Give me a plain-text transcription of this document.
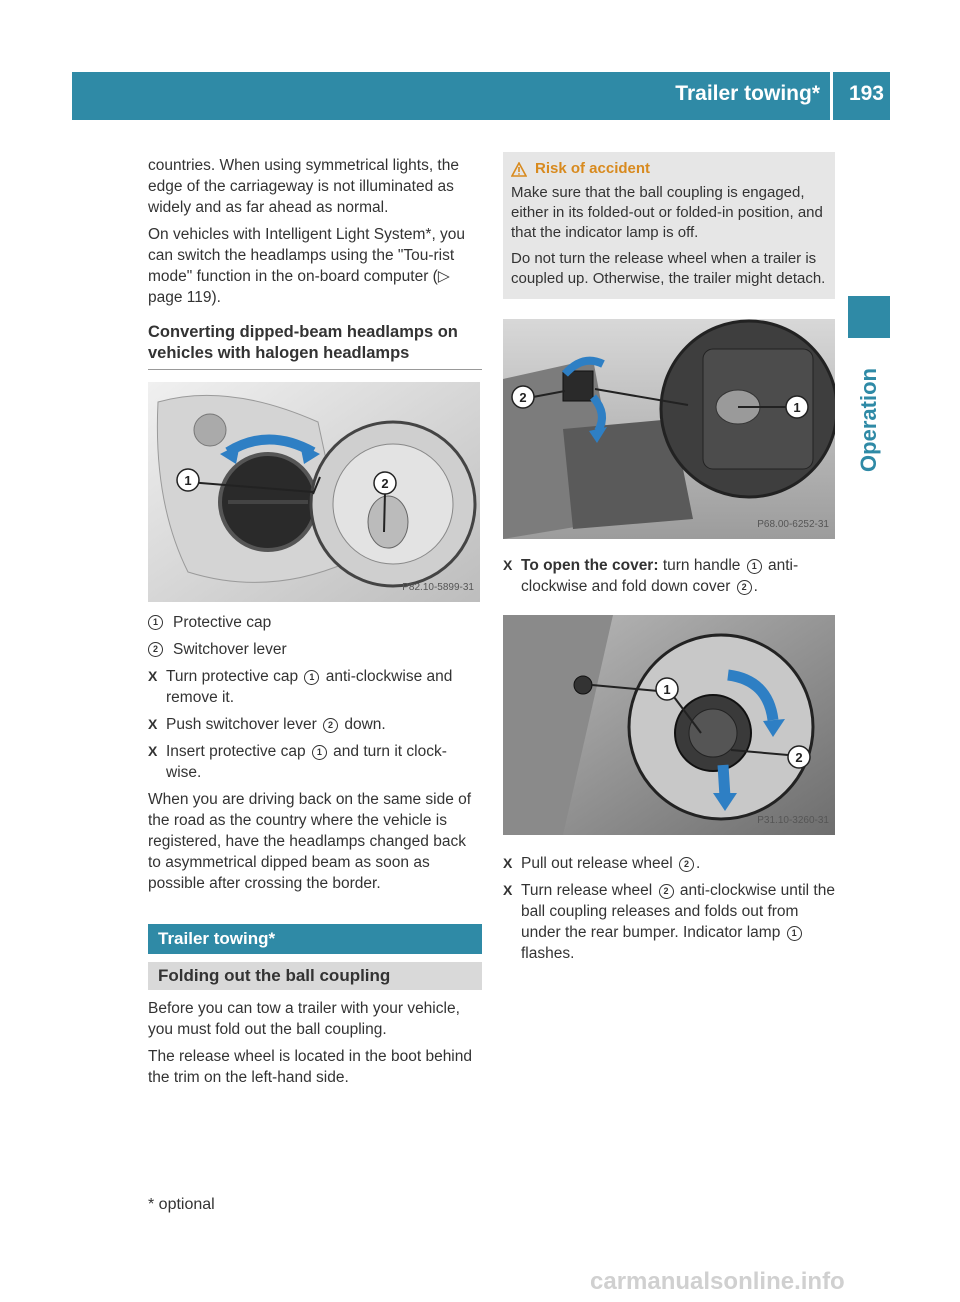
Trailer towing* 193
Operation

countries. When using symmetrical lights, the edge of the carriageway is not illuminated as widely and as far ahead as normal.

On vehicles with Intelligent Light System*, you can switch the headlamps using the "Tou-rist mode" function in the on-board computer (▷ page 119).

Converting dipped-beam headlamps on vehicles with halogen headlamps
1	2
P82.10-5899-31
1 Protective cap
2 Switchover lever
X Turn protective cap 1 anti-clockwise and remove it.
X Push switchover lever 2 down.
X Insert protective cap 1 and turn it clock-wise.

When you are driving back on the same side of the road as the country where the vehicle is registered, have the headlamps changed back to asymmetrical dipped beam as soon as possible after crossing the border.

Trailer towing*
Folding out the ball coupling

Before you can tow a trailer with your vehicle, you must fold out the ball coupling.

The release wheel is located in the boot behind the trim on the left-hand side.

Risk of accident

Make sure that the ball coupling is engaged, either in its folded-out or folded-in position, and that the indicator lamp is off.

Do not turn the release wheel when a trailer is coupled up. Otherwise, the trailer might detach.

2
1
P68.00-6252-31
X To open the cover: turn handle 1 anti-clockwise and fold down cover 2 .
1
2
P31.10-3260-31
X Pull out release wheel 2 .
X Turn release wheel 2 anti-clockwise until the ball coupling releases and folds out from under the rear bumper. Indicator lamp 1 flashes.
* optional
carmanualsonline.info
